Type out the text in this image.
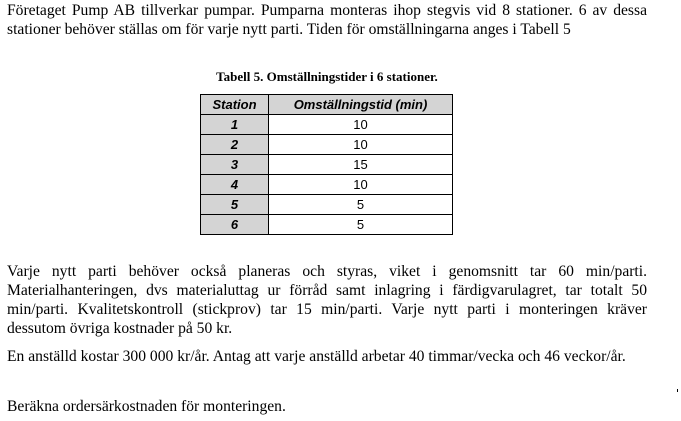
Företaget Pump AB tillverkar pumpar. Pumparna monteras ihop stegvis vid 8 stationer. 6 av dessa stationer behöver ställas om för varje nytt parti. Tiden för omställningarna anges i Tabell 5

Tabell 5. Omställningstider i 6 stationer.

Station	Omställningstid (min)
1	10
2	10
3	15
4	10
5	5
6	5

Varje nytt parti behöver också planeras och styras, viket i genomsnitt tar 60 min/parti. Materialhanteringen, dvs materialuttag ur förråd samt inlagring i färdigvarulagret, tar totalt 50 min/parti. Kvalitetskontroll (stickprov) tar 15 min/parti. Varje nytt parti i monteringen kräver dessutom övriga kostnader på 50 kr.

En anställd kostar 300 000 kr/år. Antag att varje anställd arbetar 40 timmar/vecka och 46 veckor/år.

Beräkna ordersärkostnaden för monteringen.
